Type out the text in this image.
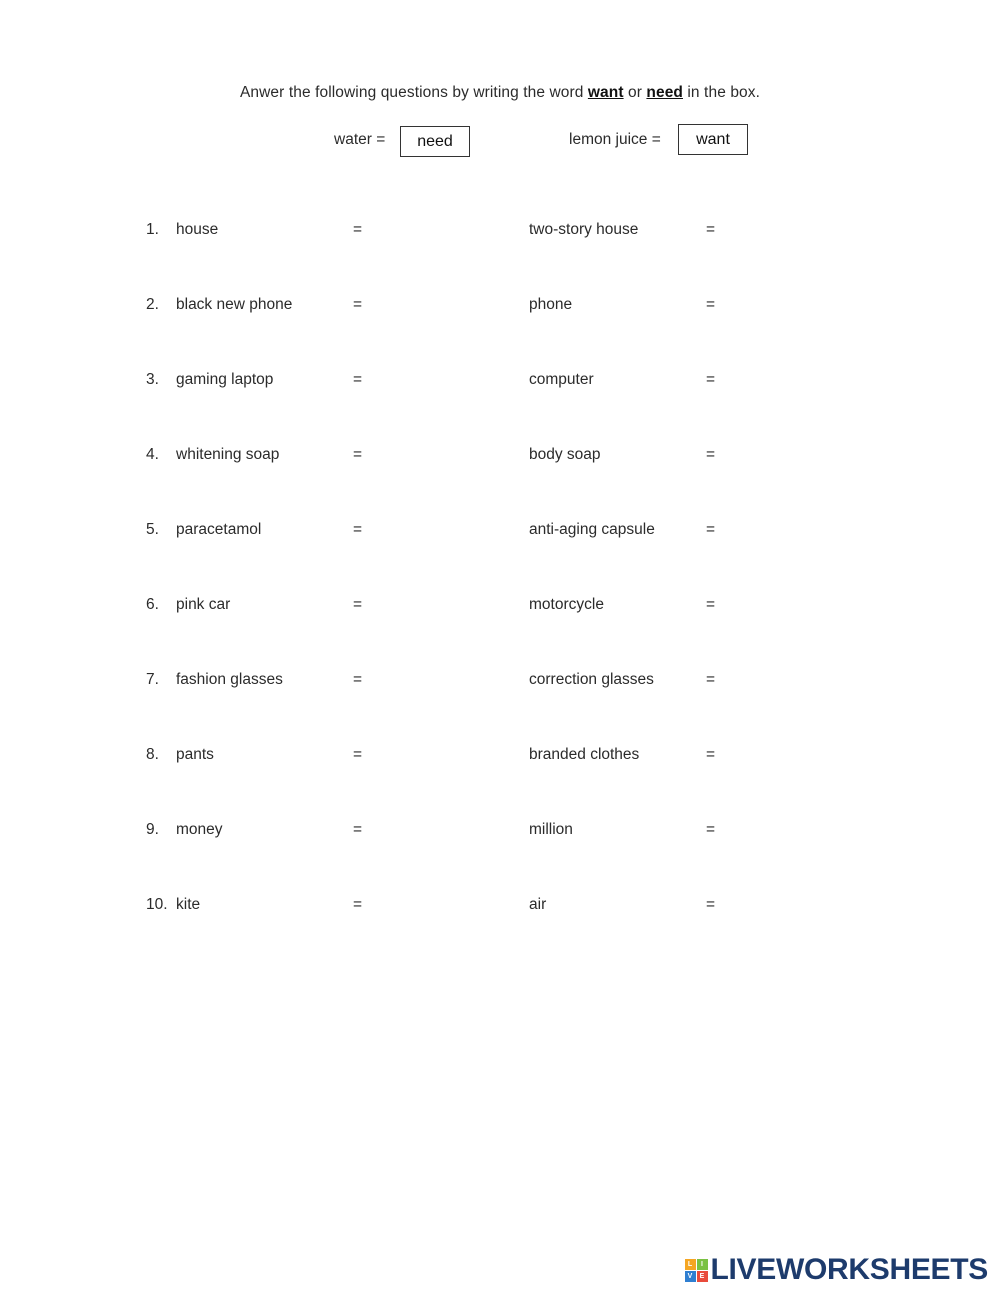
Anwer the following questions by writing the word want or need in the box.
water =	need	lemon juice =	want
1. house	=	two-story house	=
2. black new phone	=	phone	=
3. gaming laptop	=	computer	=
4. whitening soap	=	body soap	=
5. paracetamol	=	anti-aging capsule	=
6. pink car	=	motorcycle	=
7. fashion glasses	=	correction glasses	=
8. pants	=	branded clothes	=
9. money	=	million	=
10. kite	=	air	=
L	I
V	E LIVEWORKSHEETS
